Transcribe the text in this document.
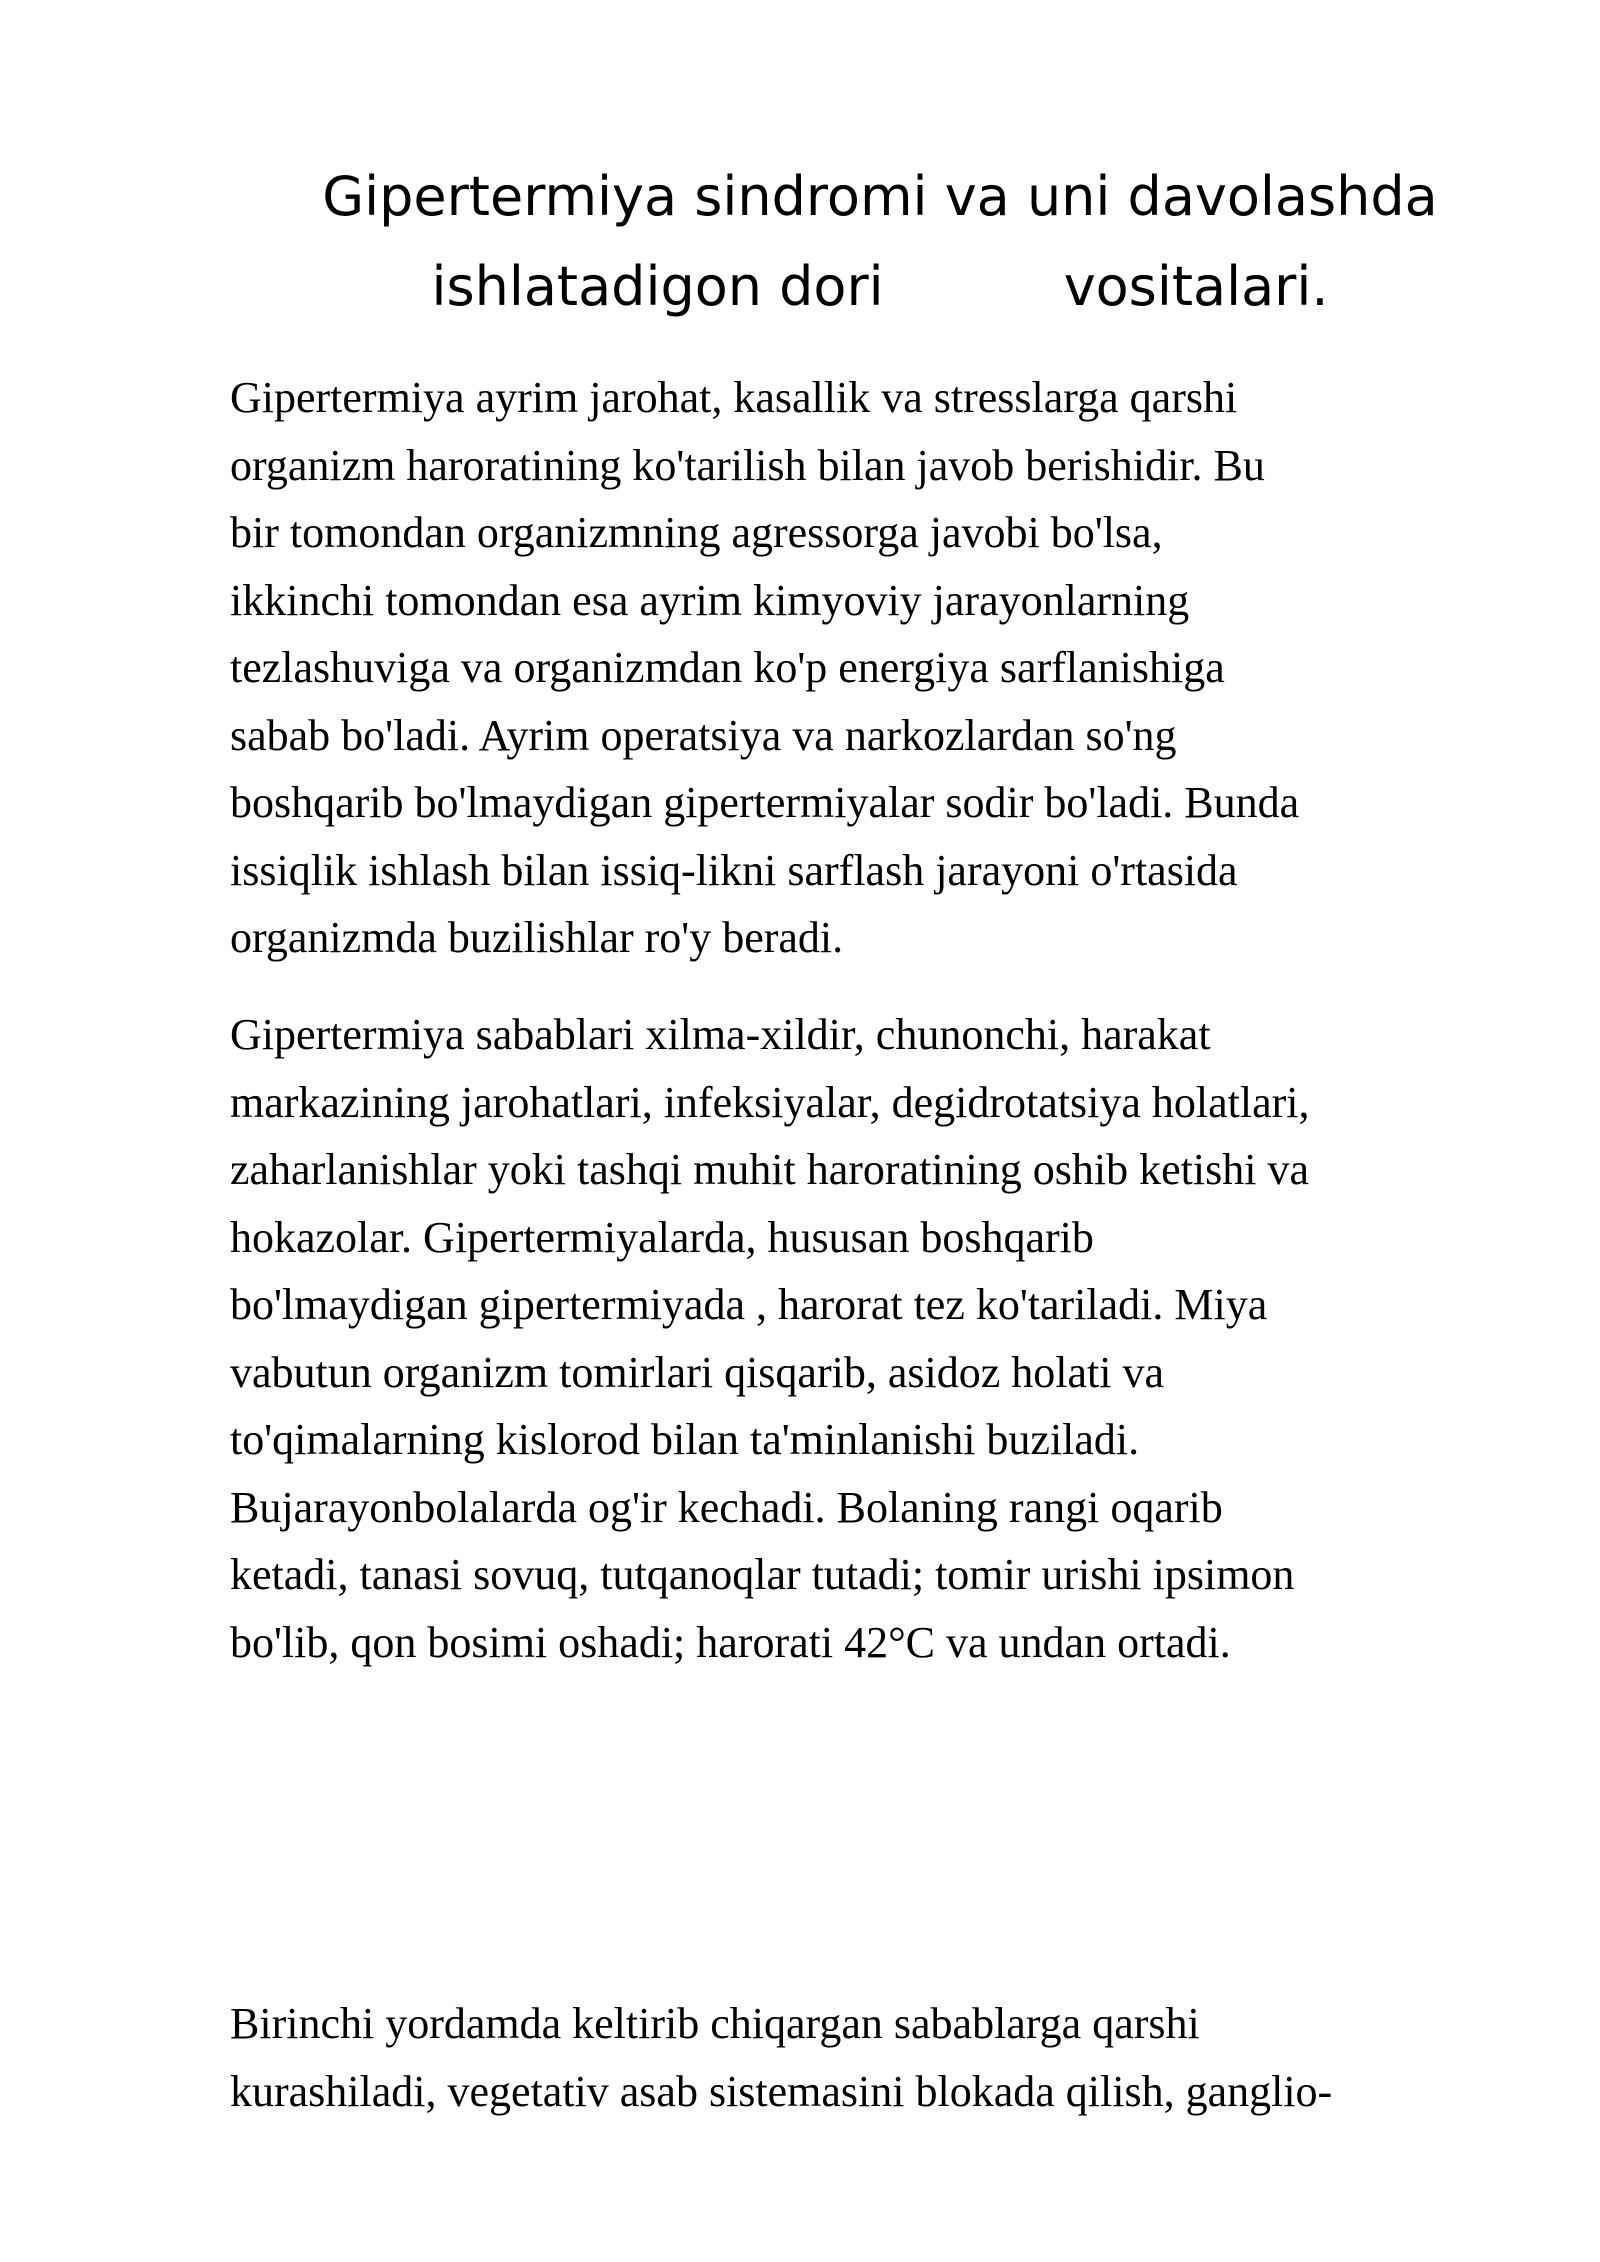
Gipertermiya sindromi va uni davolashda
ishlatadigon dori	vositalari.

Gipertermiya ayrim jarohat, kasallik va stresslarga qarshi
organizm haroratining ko'tarilish bilan javob berishidir. Bu
bir tomondan organizmning agressorga javobi bo'lsa,
ikkinchi tomondan esa ayrim kimyoviy jarayonlarning
tezlashuviga va organizmdan ko'p energiya sarflanishiga
sabab bo'ladi. Ayrim operatsiya va narkozlardan so'ng
boshqarib bo'lmaydigan gipertermiyalar sodir bo'ladi. Bunda
issiqlik ishlash bilan issiq-likni sarflash jarayoni o'rtasida
organizmda buzilishlar ro'y beradi.

Gipertermiya sabablari xilma-xildir, chunonchi, harakat
markazining jarohatlari, infeksiyalar, degidrotatsiya holatlari,
zaharlanishlar yoki tashqi muhit haroratining oshib ketishi va
hokazolar. Gipertermiyalarda, hususan boshqarib
bo'lmaydigan gipertermiyada , harorat tez ko'tariladi. Miya
vabutun organizm tomirlari qisqarib, asidoz holati va
to'qimalarning kislorod bilan ta'minlanishi buziladi.
Bujarayonbolalarda og'ir kechadi. Bolaning rangi oqarib
ketadi, tanasi sovuq, tutqanoqlar tutadi; tomir urishi ipsimon
bo'lib, qon bosimi oshadi; harorati 42°C va undan ortadi.

Birinchi yordamda keltirib chiqargan sabablarga qarshi
kurashiladi, vegetativ asab sistemasini blokada qilish, ganglio-
